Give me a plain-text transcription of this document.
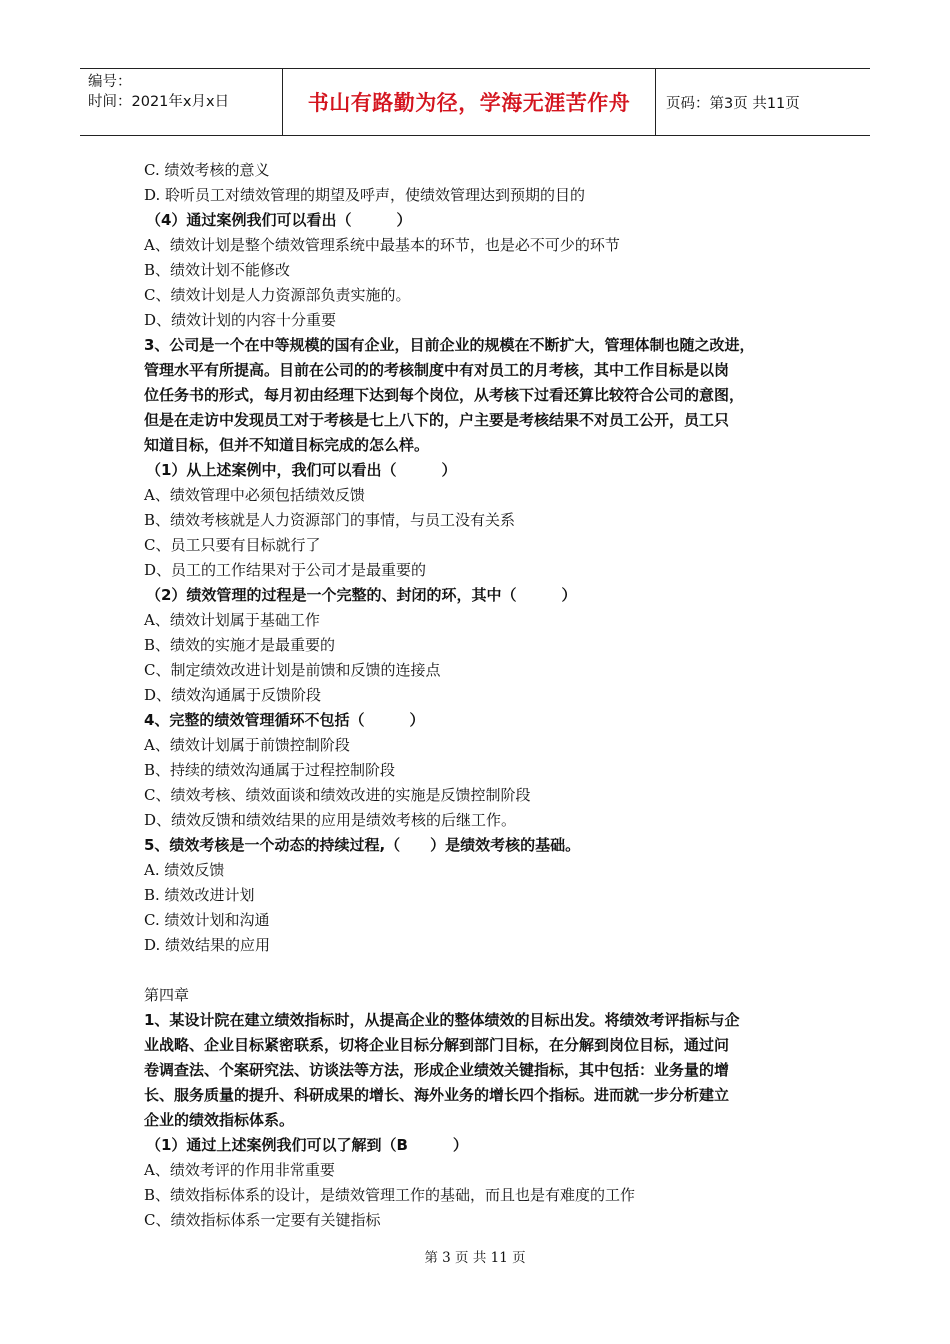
编号：
时间：2021年x月x日	书山有路勤为径，学海无涯苦作舟 页码：第3页 共11页
C. 绩效考核的意义
D. 聆听员工对绩效管理的期望及呼声，使绩效管理达到预期的目的
（4）通过案例我们可以看出（　　　）
A、绩效计划是整个绩效管理系统中最基本的环节，也是必不可少的环节
B、绩效计划不能修改
C、绩效计划是人力资源部负责实施的。
D、绩效计划的内容十分重要
3、公司是一个在中等规模的国有企业，目前企业的规模在不断扩大，管理体制也随之改进，
管理水平有所提高。目前在公司的的考核制度中有对员工的月考核，其中工作目标是以岗
位任务书的形式，每月初由经理下达到每个岗位，从考核下过看还算比较符合公司的意图，
但是在走访中发现员工对于考核是七上八下的，户主要是考核结果不对员工公开，员工只
知道目标，但并不知道目标完成的怎么样。
（1）从上述案例中，我们可以看出（　　　）
A、绩效管理中必须包括绩效反馈
B、绩效考核就是人力资源部门的事情，与员工没有关系
C、员工只要有目标就行了
D、员工的工作结果对于公司才是最重要的
（2）绩效管理的过程是一个完整的、封闭的环，其中（　　　）
A、绩效计划属于基础工作
B、绩效的实施才是最重要的
C、制定绩效改进计划是前馈和反馈的连接点
D、绩效沟通属于反馈阶段
4、完整的绩效管理循环不包括（　　　）
A、绩效计划属于前馈控制阶段
B、持续的绩效沟通属于过程控制阶段
C、绩效考核、绩效面谈和绩效改进的实施是反馈控制阶段
D、绩效反馈和绩效结果的应用是绩效考核的后继工作。
5、绩效考核是一个动态的持续过程,（　　）是绩效考核的基础。
A. 绩效反馈
B. 绩效改进计划
C. 绩效计划和沟通
D. 绩效结果的应用
第四章
1、某设计院在建立绩效指标时，从提高企业的整体绩效的目标出发。将绩效考评指标与企
业战略、企业目标紧密联系，切将企业目标分解到部门目标，在分解到岗位目标，通过问
卷调查法、个案研究法、访谈法等方法，形成企业绩效关键指标，其中包括：业务量的增
长、服务质量的提升、科研成果的增长、海外业务的增长四个指标。进而就一步分析建立
企业的绩效指标体系。
（1）通过上述案例我们可以了解到（B　　　）
A、绩效考评的作用非常重要
B、绩效指标体系的设计，是绩效管理工作的基础，而且也是有难度的工作
C、绩效指标体系一定要有关键指标
第 3 页 共 11 页
